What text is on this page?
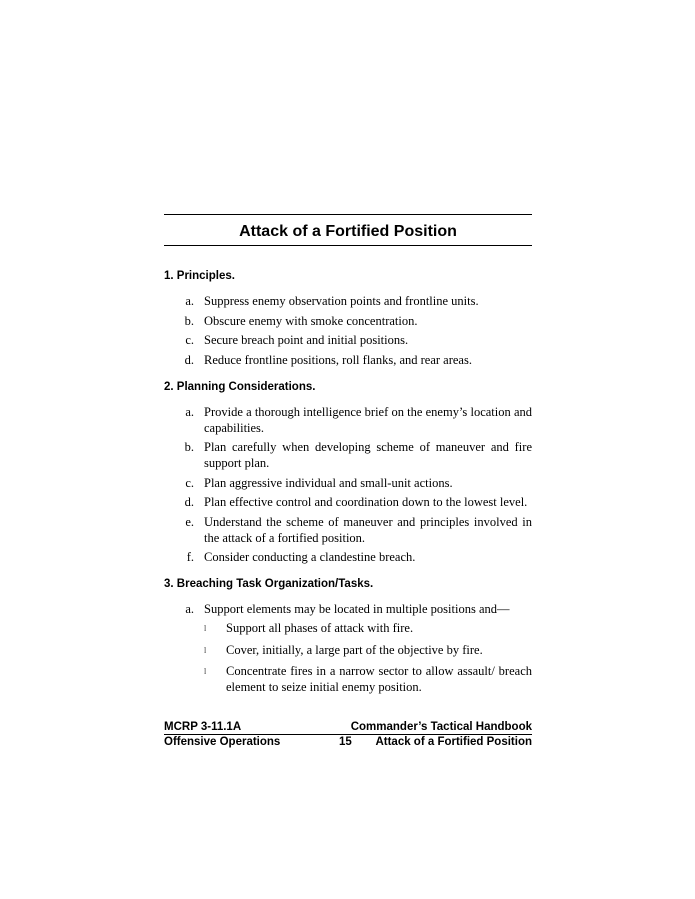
Attack of a Fortified Position
1. Principles.
a. Suppress enemy observation points and frontline units.
b. Obscure enemy with smoke concentration.
c. Secure breach point and initial positions.
d. Reduce frontline positions, roll flanks, and rear areas.
2. Planning Considerations.
a. Provide a thorough intelligence brief on the enemy’s location and capabilities.
b. Plan carefully when developing scheme of maneuver and fire support plan.
c. Plan aggressive individual and small-unit actions.
d. Plan effective control and coordination down to the lowest level.
e. Understand the scheme of maneuver and principles involved in the attack of a fortified position.
f. Consider conducting a clandestine breach.
3. Breaching Task Organization/Tasks.
a. Support elements may be located in multiple positions and—
l	Support all phases of attack with fire.
l	Cover, initially, a large part of the objective by fire.
l	Concentrate fires in a narrow sector to allow assault/ breach element to seize initial enemy position.
MCRP 3-11.1A	Commander’s Tactical Handbook
Offensive Operations	15 Attack of a Fortified Position
